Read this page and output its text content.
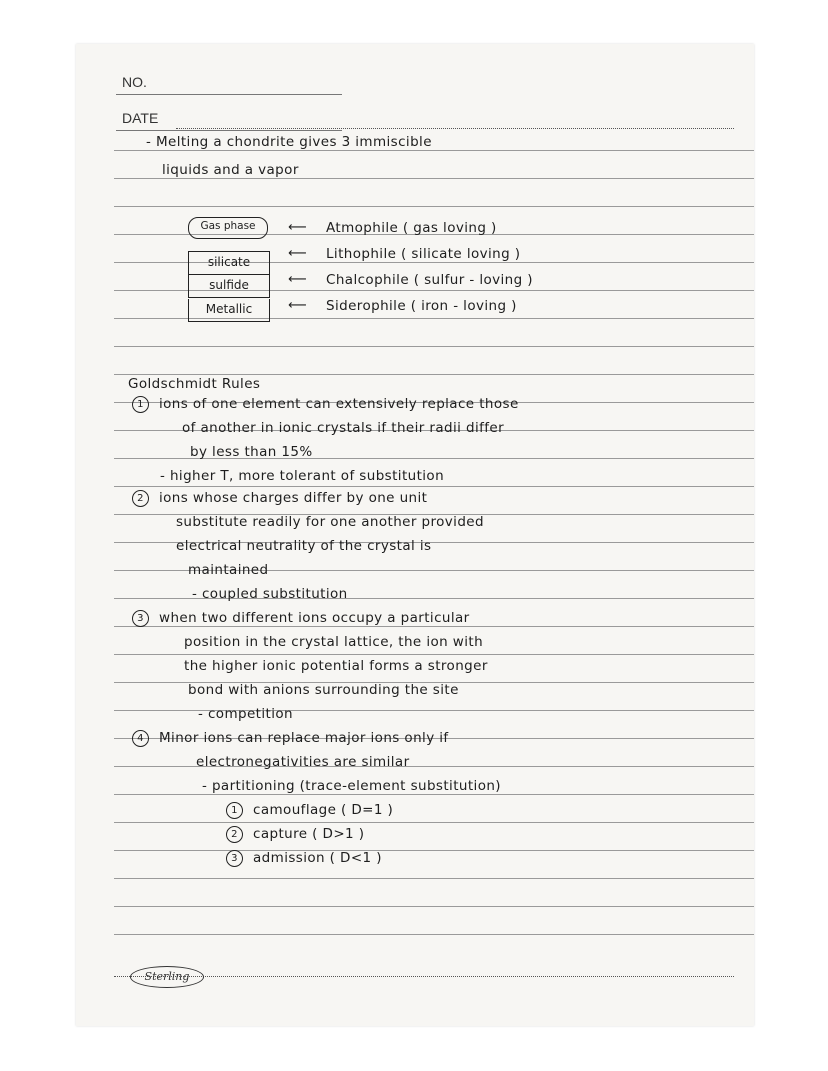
NO.
DATE
- Melting a chondrite gives 3 immiscible
liquids and a vapor
Gas phase
silicate
sulfide
Metallic
⟵
⟵
⟵
⟵
Atmophile ( gas loving )
Lithophile ( silicate loving )
Chalcophile ( sulfur - loving )
Siderophile ( iron - loving )
Goldschmidt Rules
1 ions of one element can extensively replace those
of another in ionic crystals if their radii differ
by less than 15%
- higher T, more tolerant of substitution
2 ions whose charges differ by one unit
substitute readily for one another provided
electrical neutrality of the crystal is
maintained
- coupled substitution
3 when two different ions occupy a particular
position in the crystal lattice, the ion with
the higher ionic potential forms a stronger
bond with anions surrounding the site
- competition
4 Minor ions can replace major ions only if
electronegativities are similar
- partitioning (trace-element substitution)
1 camouflage ( D=1 )
2 capture ( D>1 )
3 admission ( D<1 )
Sterling
